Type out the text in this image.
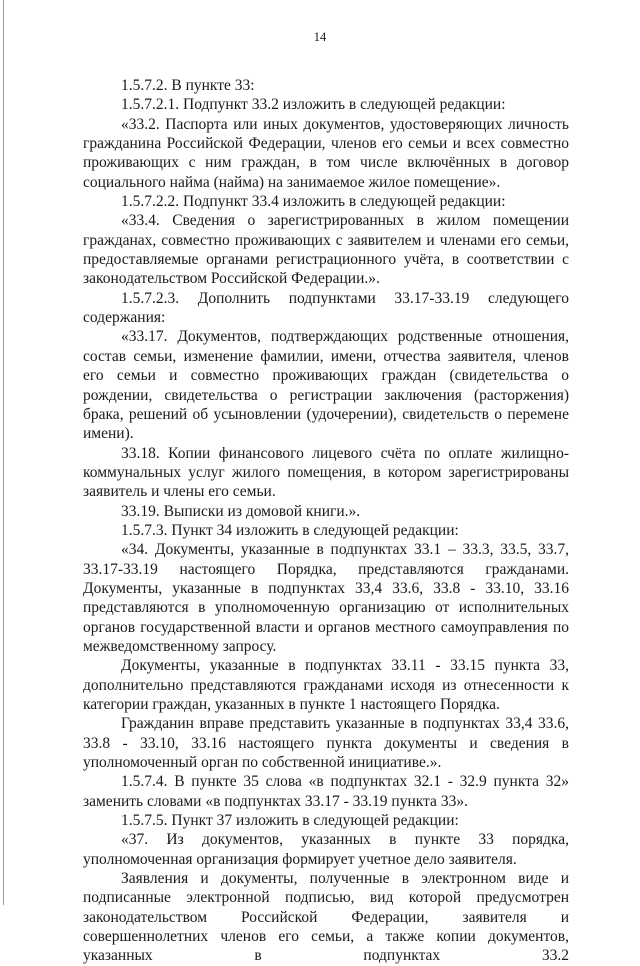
14

1.5.7.2. В пункте 33:

1.5.7.2.1. Подпункт 33.2 изложить в следующей редакции:

«33.2. Паспорта или иных документов, удостоверяющих личность гражданина Российской Федерации, членов его семьи и всех совместно проживающих с ним граждан, в том числе включённых в договор социального найма (найма) на занимаемое жилое помещение».

1.5.7.2.2. Подпункт 33.4 изложить в следующей редакции:

«33.4. Сведения о зарегистрированных в жилом помещении гражданах, совместно проживающих с заявителем и членами его семьи, предоставляемые органами регистрационного учёта, в соответствии с законодательством Российской Федерации.».

1.5.7.2.3. Дополнить подпунктами 33.17-33.19 следующего содержания:

«33.17. Документов, подтверждающих родственные отношения, состав семьи, изменение фамилии, имени, отчества заявителя, членов его семьи и совместно проживающих граждан (свидетельства о рождении, свидетельства о регистрации заключения (расторжения) брака, решений об усыновлении (удочерении), свидетельств о перемене имени).

33.18. Копии финансового лицевого счёта по оплате жилищно-коммунальных услуг жилого помещения, в котором зарегистрированы заявитель и члены его семьи.

33.19. Выписки из домовой книги.».

1.5.7.3. Пункт 34 изложить в следующей редакции:

«34. Документы, указанные в подпунктах 33.1 – 33.3, 33.5, 33.7, 33.17-33.19 настоящего Порядка, представляются гражданами. Документы, указанные в подпунктах 33,4 33.6, 33.8 - 33.10, 33.16 представляются в уполномоченную организацию от исполнительных органов государственной власти и органов местного самоуправления по межведомственному запросу.

Документы, указанные в подпунктах 33.11 - 33.15 пункта 33, дополнительно представляются гражданами исходя из отнесенности к категории граждан, указанных в пункте 1 настоящего Порядка.

Гражданин вправе представить указанные в подпунктах 33,4 33.6, 33.8 - 33.10, 33.16 настоящего пункта документы и сведения в уполномоченный орган по собственной инициативе.».

1.5.7.4. В пункте 35 слова «в подпунктах 32.1 - 32.9 пункта 32» заменить словами «в подпунктах 33.17 - 33.19 пункта 33».

1.5.7.5. Пункт 37 изложить в следующей редакции:

«37. Из документов, указанных в пункте 33 порядка, уполномоченная организация формирует учетное дело заявителя.

Заявления и документы, полученные в электронном виде и подписанные электронной подписью, вид которой предусмотрен законодательством Российской Федерации, заявителя и совершеннолетних членов его семьи, а также копии документов, указанных в подпунктах 33.2
